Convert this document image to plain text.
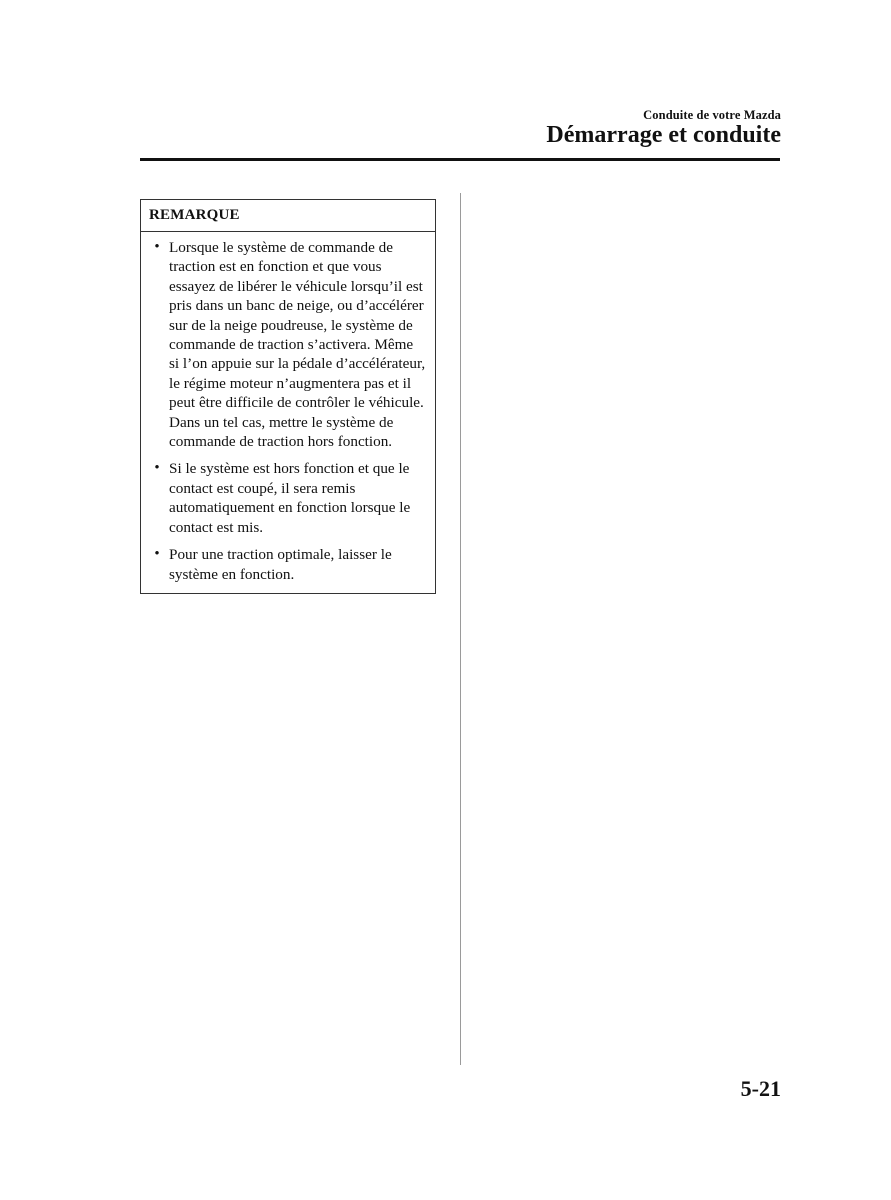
Conduite de votre Mazda
Démarrage et conduite
REMARQUE
• Lorsque le système de commande de traction est en fonction et que vous essayez de libérer le véhicule lorsqu’il est pris dans un banc de neige, ou d’accélérer sur de la neige poudreuse, le système de commande de traction s’activera. Même si l’on appuie sur la pédale d’accélérateur, le régime moteur n’augmentera pas et il peut être difficile de contrôler le véhicule. Dans un tel cas, mettre le système de commande de traction hors fonction.
• Si le système est hors fonction et que le contact est coupé, il sera remis automatiquement en fonction lorsque le contact est mis.
• Pour une traction optimale, laisser le système en fonction.
5-21
